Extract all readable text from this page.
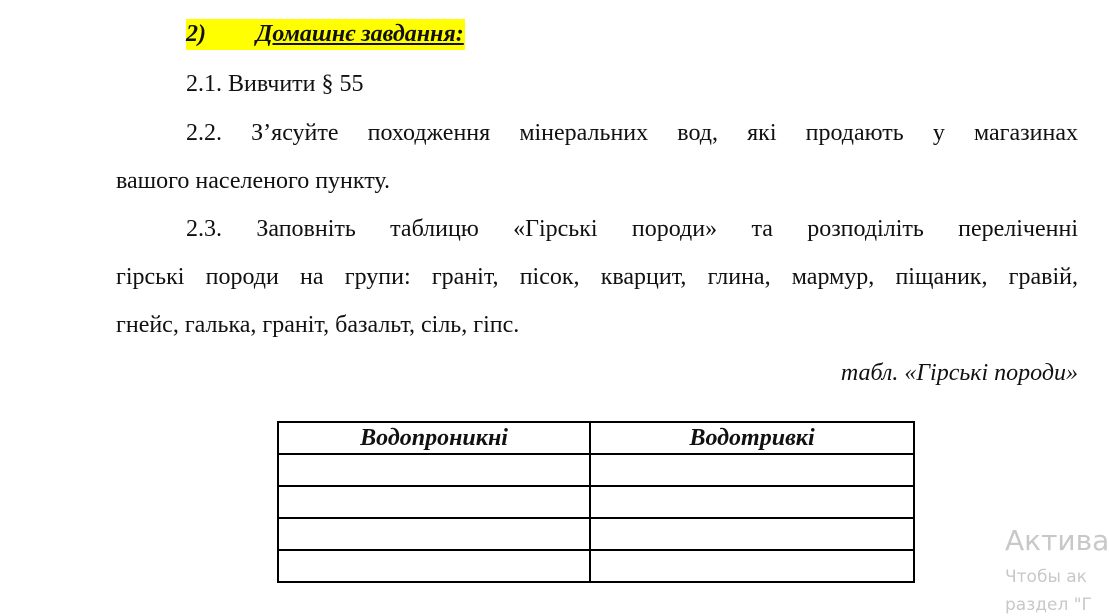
2) Домашнє завдання:
2.1. Вивчити § 55
2.2. З’ясуйте походження мінеральних вод, які продають у магазинах
вашого населеного пункту.
2.3. Заповніть таблицю «Гірські породи» та розподіліть переліченні
гірські породи на групи: граніт, пісок, кварцит, глина, мармур, піщаник, гравій,
гнейс, галька, граніт, базальт, сіль, гіпс.
табл. «Гірські породи»
Водопроникні	Водотривкі

Актива
Чтобы ак
раздел "Г
